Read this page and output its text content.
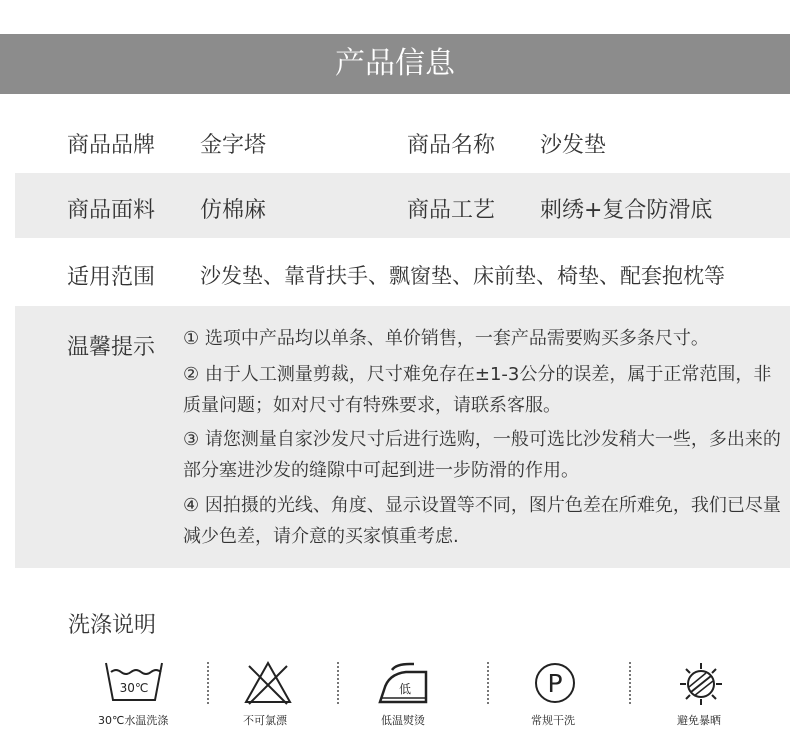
产品信息
商品品牌 金字塔	商品名称 沙发垫
商品面料 仿棉麻	商品工艺 刺绣+复合防滑底
适用范围 沙发垫、靠背扶手、飘窗垫、床前垫、椅垫、配套抱枕等
温馨提示 ① 选项中产品均以单条、单价销售，一套产品需要购买多条尺寸。
② 由于人工测量剪裁，尺寸难免存在±1-3公分的误差，属于正常范围，非质量问题；如对尺寸有特殊要求，请联系客服。
③ 请您测量自家沙发尺寸后进行选购，一般可选比沙发稍大一些，多出来的部分塞进沙发的缝隙中可起到进一步防滑的作用。
④ 因拍摄的光线、角度、显示设置等不同，图片色差在所难免，我们已尽量减少色差，请介意的买家慎重考虑.
洗涤说明
30℃
30℃水温洗涤	不可氯漂
低
低温熨烫
P
常规干洗	避免暴晒
